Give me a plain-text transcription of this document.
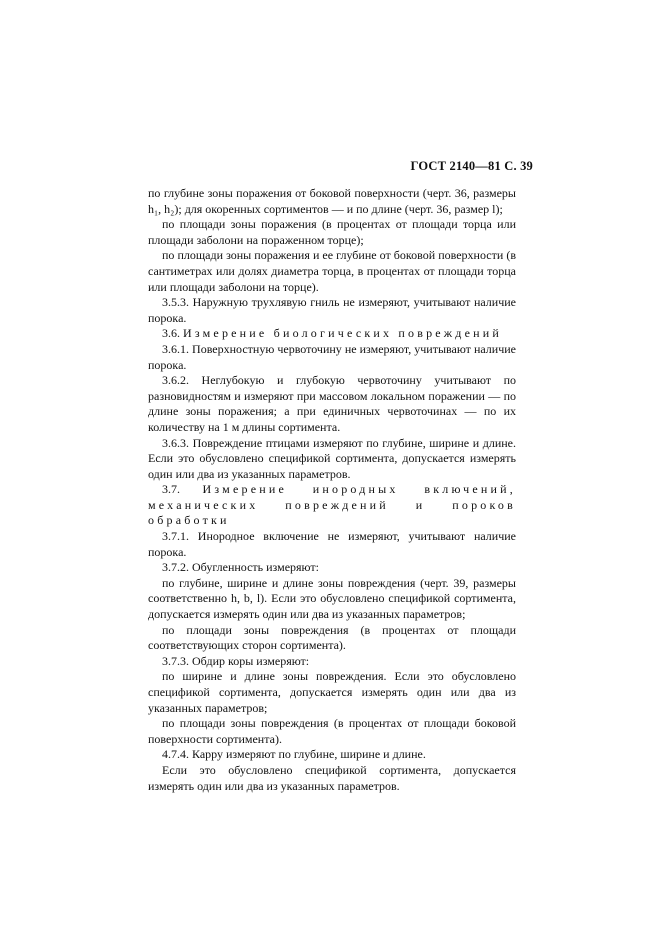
ГОСТ 2140—81 С. 39

по глубине зоны поражения от боковой поверхности (черт. 36, размеры h₁, h₂); для окоренных сортиментов — и по длине (черт. 36, размер l);

по площади зоны поражения (в процентах от площади торца или площади заболони на пораженном торце);

по площади зоны поражения и ее глубине от боковой поверхности (в сантиметрах или долях диаметра торца, в процентах от площади торца или площади заболони на торце).

3.5.3. Наружную трухлявую гниль не измеряют, учитывают наличие порока.

3.6. Измерение биологических повреждений

3.6.1. Поверхностную червоточину не измеряют, учитывают наличие порока.

3.6.2. Неглубокую и глубокую червоточину учитывают по разновидностям и измеряют при массовом локальном поражении — по длине зоны поражения; а при единичных червоточинах — по их количеству на 1 м длины сортимента.

3.6.3. Повреждение птицами измеряют по глубине, ширине и длине. Если это обусловлено спецификой сортимента, допускается измерять один или два из указанных параметров.

3.7. Измерение инородных включений, механических повреждений и пороков обработки

3.7.1. Инородное включение не измеряют, учитывают наличие порока.

3.7.2. Обугленность измеряют:

по глубине, ширине и длине зоны повреждения (черт. 39, размеры соответственно h, b, l). Если это обусловлено спецификой сортимента, допускается измерять один или два из указанных параметров;

по площади зоны повреждения (в процентах от площади соответствующих сторон сортимента).

3.7.3. Обдир коры измеряют:

по ширине и длине зоны повреждения. Если это обусловлено спецификой сортимента, допускается измерять один или два из указанных параметров;

по площади зоны повреждения (в процентах от площади боковой поверхности сортимента).

4.7.4. Карру измеряют по глубине, ширине и длине.

Если это обусловлено спецификой сортимента, допускается измерять один или два из указанных параметров.
